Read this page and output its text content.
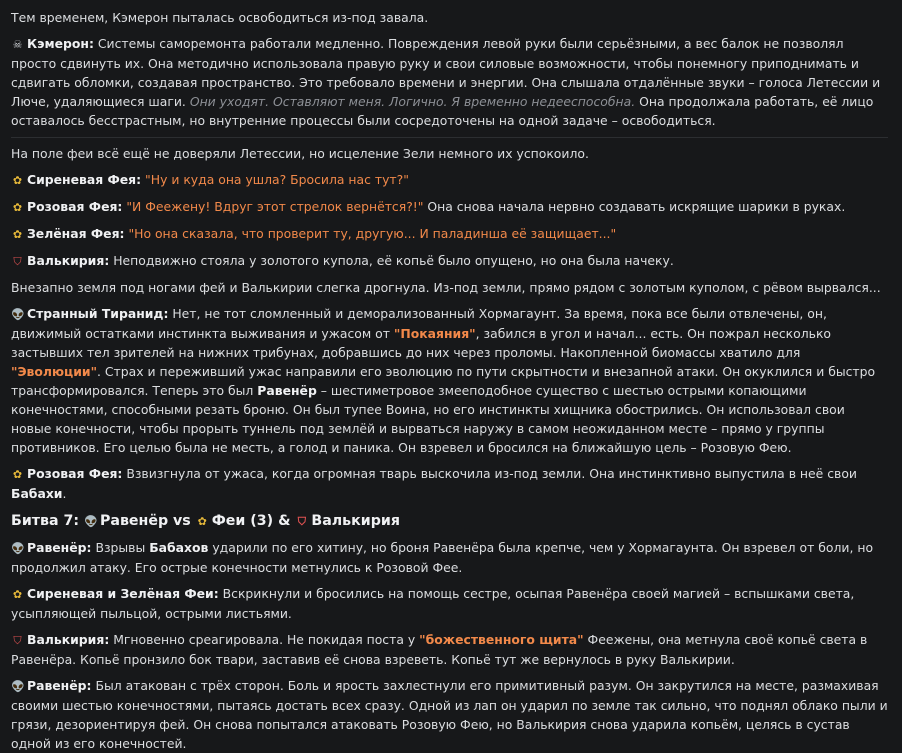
Тем временем, Кэмерон пыталась освободиться из-под завала.

☠ Кэмерон: Системы саморемонта работали медленно. Повреждения левой руки были серьёзными, а вес балок не позволял просто сдвинуть их. Она методично использовала правую руку и свои силовые возможности, чтобы понемногу приподнимать и сдвигать обломки, создавая пространство. Это требовало времени и энергии. Она слышала отдалённые звуки – голоса Летессии и Люче, удаляющиеся шаги. Они уходят. Оставляют меня. Логично. Я временно недееспособна. Она продолжала работать, её лицо оставалось бесстрастным, но внутренние процессы были сосредоточены на одной задаче – освободиться.

На поле феи всё ещё не доверяли Летессии, но исцеление Зели немного их успокоило.

✿ Сиреневая Фея: "Ну и куда она ушла? Бросила нас тут?"

✿ Розовая Фея: "И Феежену! Вдруг этот стрелок вернётся?!" Она снова начала нервно создавать искрящие шарики в руках.

✿ Зелёная Фея: "Но она сказала, что проверит ту, другую... И паладинша её защищает..."

⛉ Валькирия: Неподвижно стояла у золотого купола, её копьё было опущено, но она была начеку.

Внезапно земля под ногами фей и Валькирии слегка дрогнула. Из-под земли, прямо рядом с золотым куполом, с рёвом вырвался...

👽 Странный Тиранид: Нет, не тот сломленный и деморализованный Хормагаунт. За время, пока все были отвлечены, он, движимый остатками инстинкта выживания и ужасом от "Покаяния", забился в угол и начал... есть. Он пожрал несколько застывших тел зрителей на нижних трибунах, добравшись до них через проломы. Накопленной биомассы хватило для "Эволюции". Страх и переживший ужас направили его эволюцию по пути скрытности и внезапной атаки. Он окуклился и быстро трансформировался. Теперь это был Равенёр – шестиметровое змееподобное существо с шестью острыми копающими конечностями, способными резать броню. Он был тупее Воина, но его инстинкты хищника обострились. Он использовал свои новые конечности, чтобы прорыть туннель под землёй и вырваться наружу в самом неожиданном месте – прямо у группы противников. Его целью была не месть, а голод и паника. Он взревел и бросился на ближайшую цель – Розовую Фею.

✿ Розовая Фея: Взвизгнула от ужаса, когда огромная тварь выскочила из-под земли. Она инстинктивно выпустила в неё свои Бабахи.

Битва 7: 👽 Равенёр vs ✿ Феи (3) & ⛉ Валькирия

👽 Равенёр: Взрывы Бабахов ударили по его хитину, но броня Равенёра была крепче, чем у Хормагаунта. Он взревел от боли, но продолжил атаку. Его острые конечности метнулись к Розовой Фее.

✿ Сиреневая и Зелёная Феи: Вскрикнули и бросились на помощь сестре, осыпая Равенёра своей магией – вспышками света, усыпляющей пыльцой, острыми листьями.

⛉ Валькирия: Мгновенно среагировала. Не покидая поста у "божественного щита" Феежены, она метнула своё копьё света в Равенёра. Копьё пронзило бок твари, заставив её снова взреветь. Копьё тут же вернулось в руку Валькирии.

👽 Равенёр: Был атакован с трёх сторон. Боль и ярость захлестнули его примитивный разум. Он закрутился на месте, размахивая своими шестью конечностями, пытаясь достать всех сразу. Одной из лап он ударил по земле так сильно, что поднял облако пыли и грязи, дезориентируя фей. Он снова попытался атаковать Розовую Фею, но Валькирия снова ударила копьём, целясь в сустав одной из его конечностей.
